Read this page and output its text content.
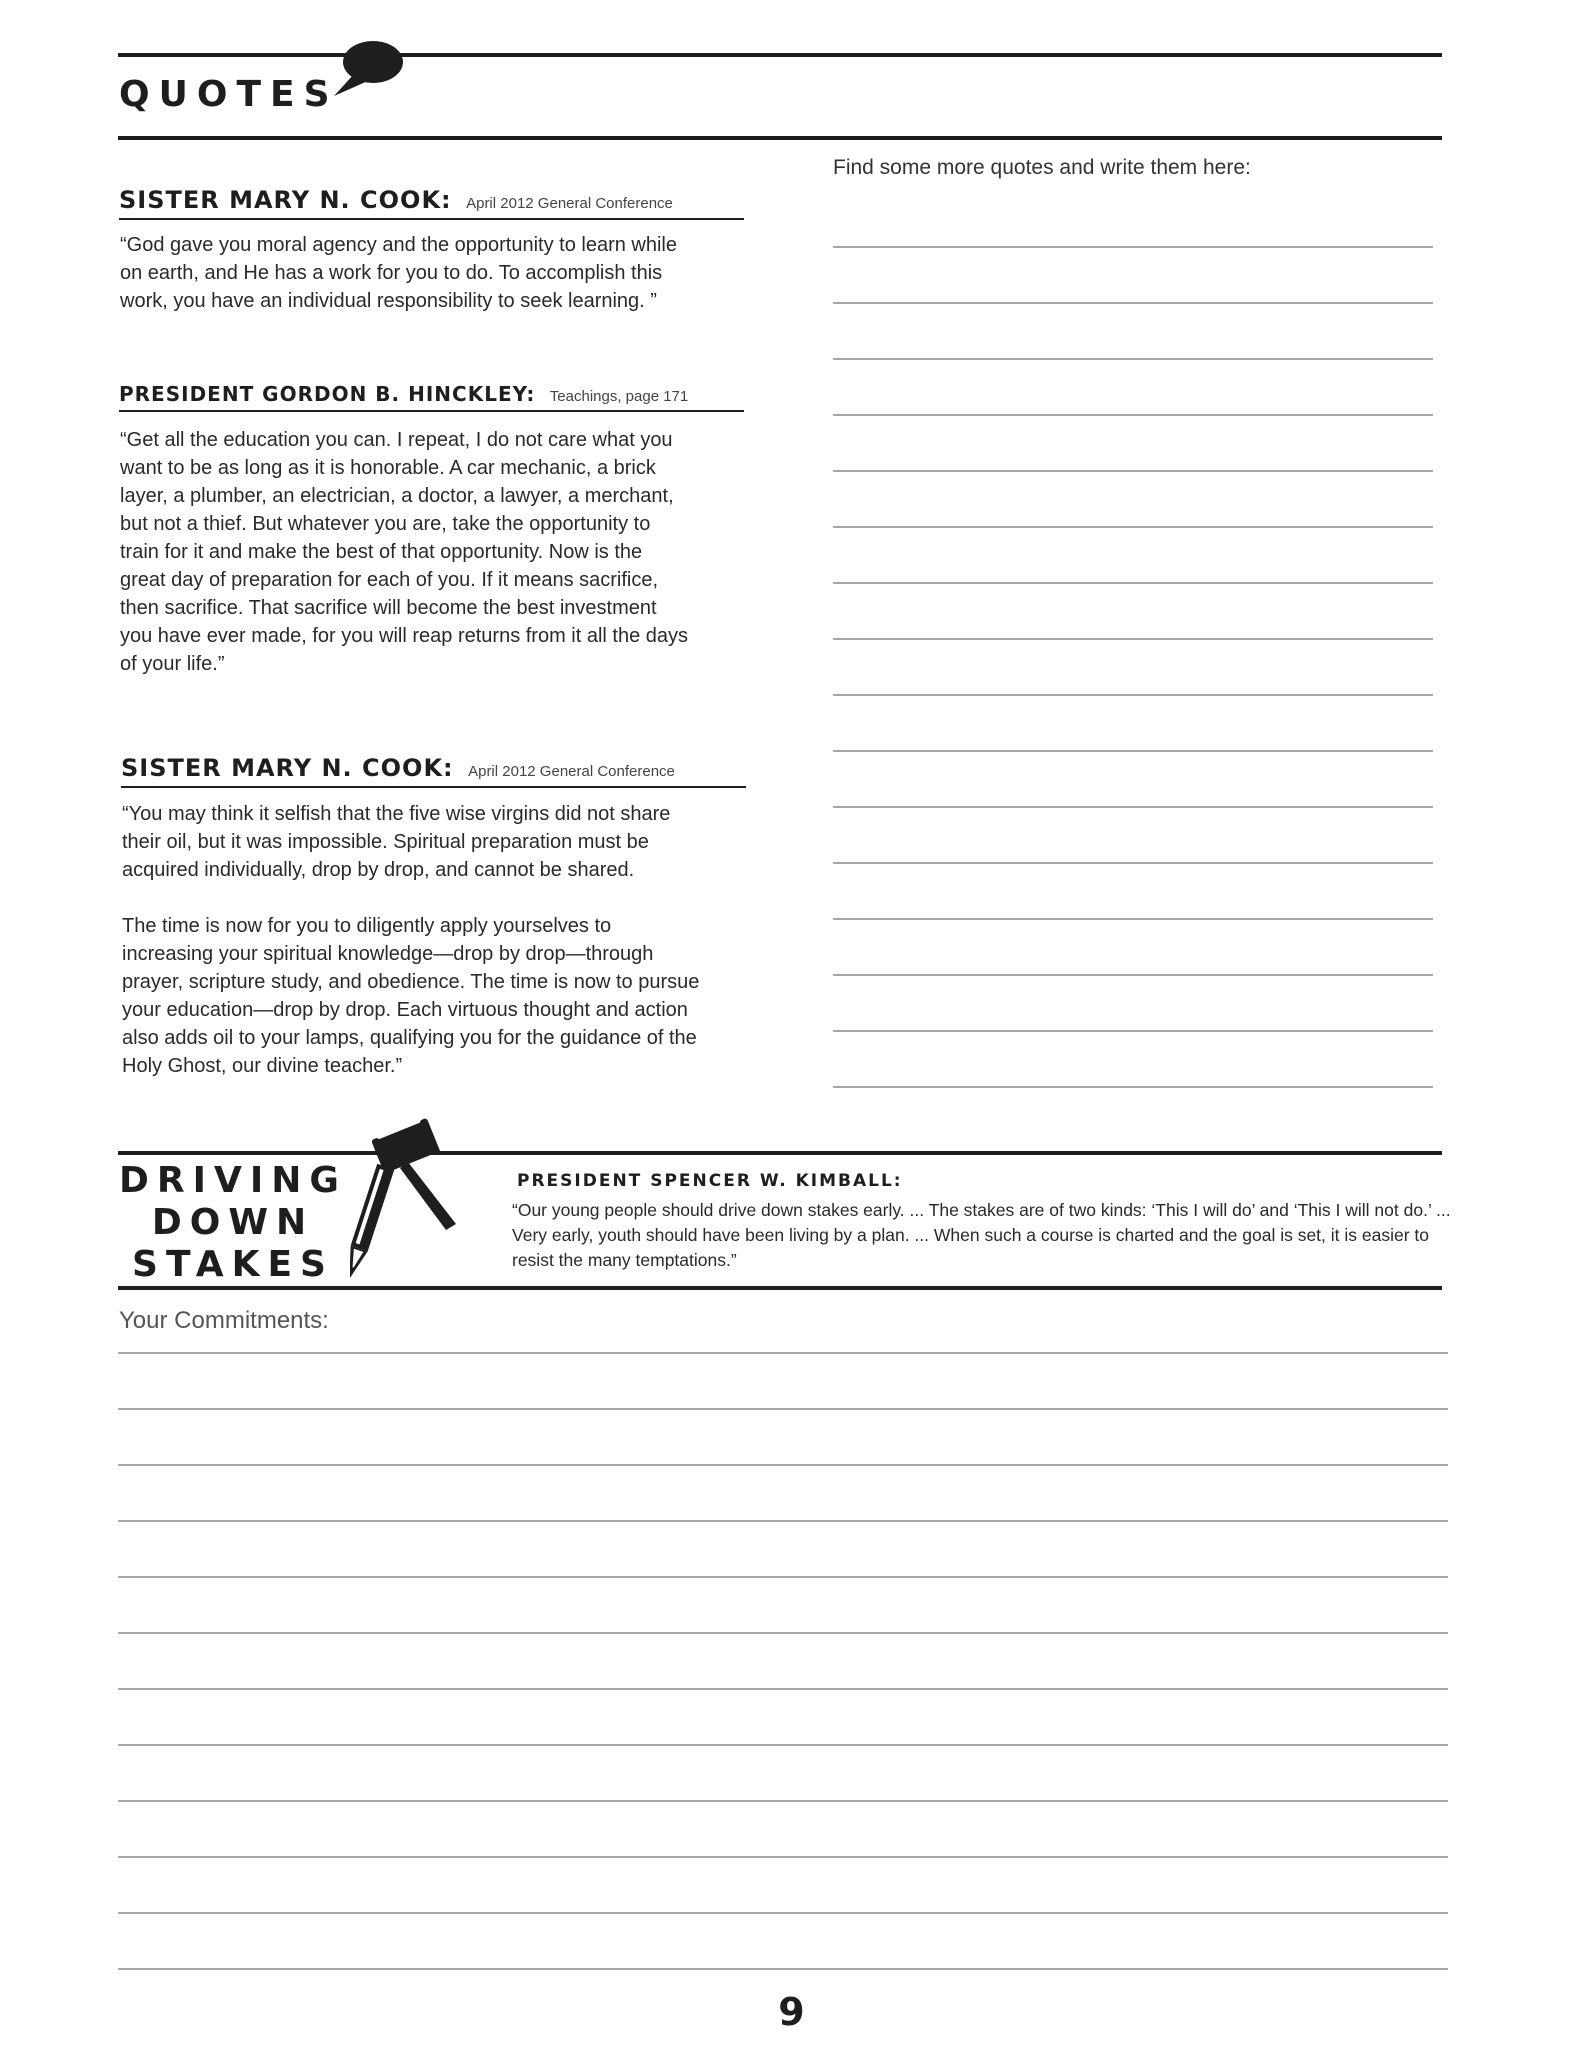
QUOTES
SISTER MARY N. COOK: April 2012 General Conference
“God gave you moral agency and the opportunity to learn while
on earth, and He has a work for you to do. To accomplish this
work, you have an individual responsibility to seek learning. ”
PRESIDENT GORDON B. HINCKLEY: Teachings, page 171
“Get all the education you can. I repeat, I do not care what you
want to be as long as it is honorable. A car mechanic, a brick
layer, a plumber, an electrician, a doctor, a lawyer, a merchant,
but not a thief. But whatever you are, take the opportunity to
train for it and make the best of that opportunity. Now is the
great day of preparation for each of you. If it means sacrifice,
then sacrifice. That sacrifice will become the best investment
you have ever made, for you will reap returns from it all the days
of your life.”
SISTER MARY N. COOK: April 2012 General Conference
“You may think it selfish that the five wise virgins did not share
their oil, but it was impossible. Spiritual preparation must be
acquired individually, drop by drop, and cannot be shared.

The time is now for you to diligently apply yourselves to
increasing your spiritual knowledge—drop by drop—through
prayer, scripture study, and obedience. The time is now to pursue
your education—drop by drop. Each virtuous thought and action
also adds oil to your lamps, qualifying you for the guidance of the
Holy Ghost, our divine teacher.”
Find some more quotes and write them here:
DRIVING
DOWN
STAKES
PRESIDENT SPENCER W. KIMBALL:
“Our young people should drive down stakes early. ... The stakes are of two kinds: ‘This I will do’ and ‘This I will not do.’ ... Very early, youth should have been living by a plan. ... When such a course is charted and the goal is set, it is easier to resist the many temptations.”
Your Commitments:
9
